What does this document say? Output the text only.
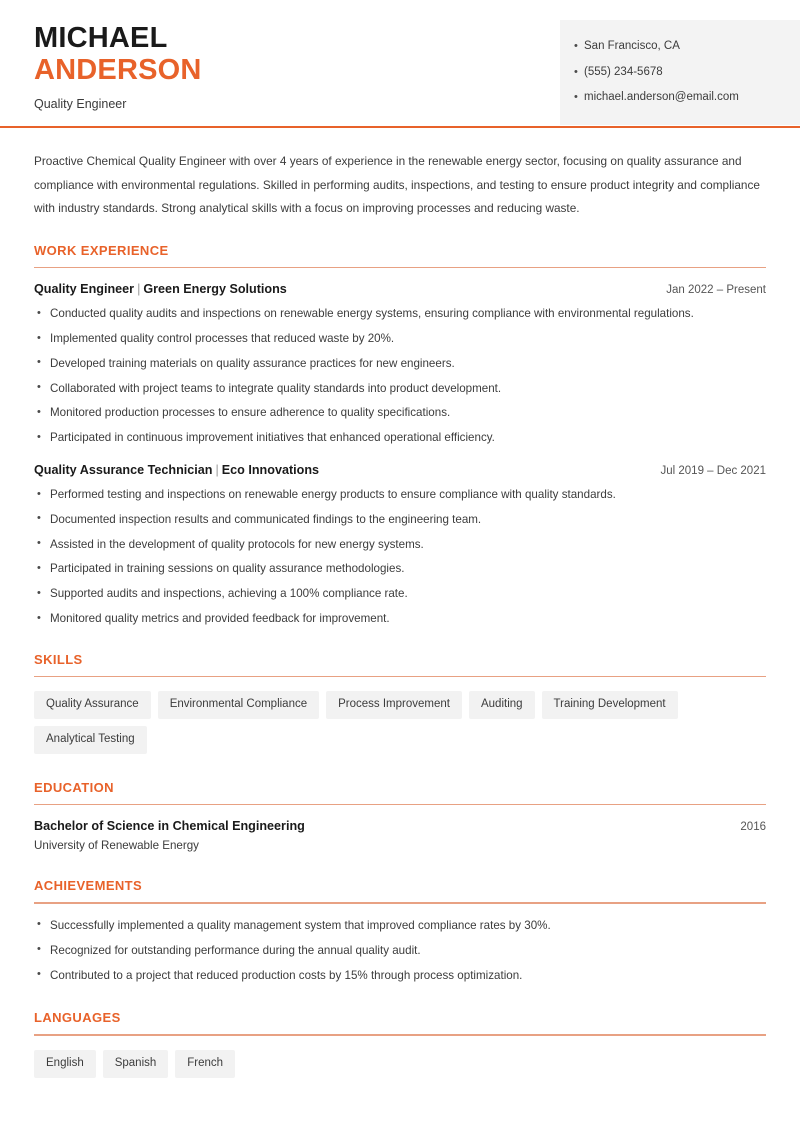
MICHAEL
ANDERSON
Quality Engineer
• San Francisco, CA
• (555) 234-5678
• michael.anderson@email.com
Proactive Chemical Quality Engineer with over 4 years of experience in the renewable energy sector, focusing on quality assurance and compliance with environmental regulations. Skilled in performing audits, inspections, and testing to ensure product integrity and compliance with industry standards. Strong analytical skills with a focus on improving processes and reducing waste.
WORK EXPERIENCE
Quality Engineer | Green Energy Solutions	Jan 2022 – Present
• Conducted quality audits and inspections on renewable energy systems, ensuring compliance with environmental regulations.
• Implemented quality control processes that reduced waste by 20%.
• Developed training materials on quality assurance practices for new engineers.
• Collaborated with project teams to integrate quality standards into product development.
• Monitored production processes to ensure adherence to quality specifications.
• Participated in continuous improvement initiatives that enhanced operational efficiency.
Quality Assurance Technician | Eco Innovations	Jul 2019 – Dec 2021
• Performed testing and inspections on renewable energy products to ensure compliance with quality standards.
• Documented inspection results and communicated findings to the engineering team.
• Assisted in the development of quality protocols for new energy systems.
• Participated in training sessions on quality assurance methodologies.
• Supported audits and inspections, achieving a 100% compliance rate.
• Monitored quality metrics and provided feedback for improvement.
SKILLS
Quality Assurance	Environmental Compliance	Process Improvement	Auditing	Training Development
Analytical Testing
EDUCATION
Bachelor of Science in Chemical Engineering	2016
University of Renewable Energy
ACHIEVEMENTS
• Successfully implemented a quality management system that improved compliance rates by 30%.
• Recognized for outstanding performance during the annual quality audit.
• Contributed to a project that reduced production costs by 15% through process optimization.
LANGUAGES
English	Spanish	French
